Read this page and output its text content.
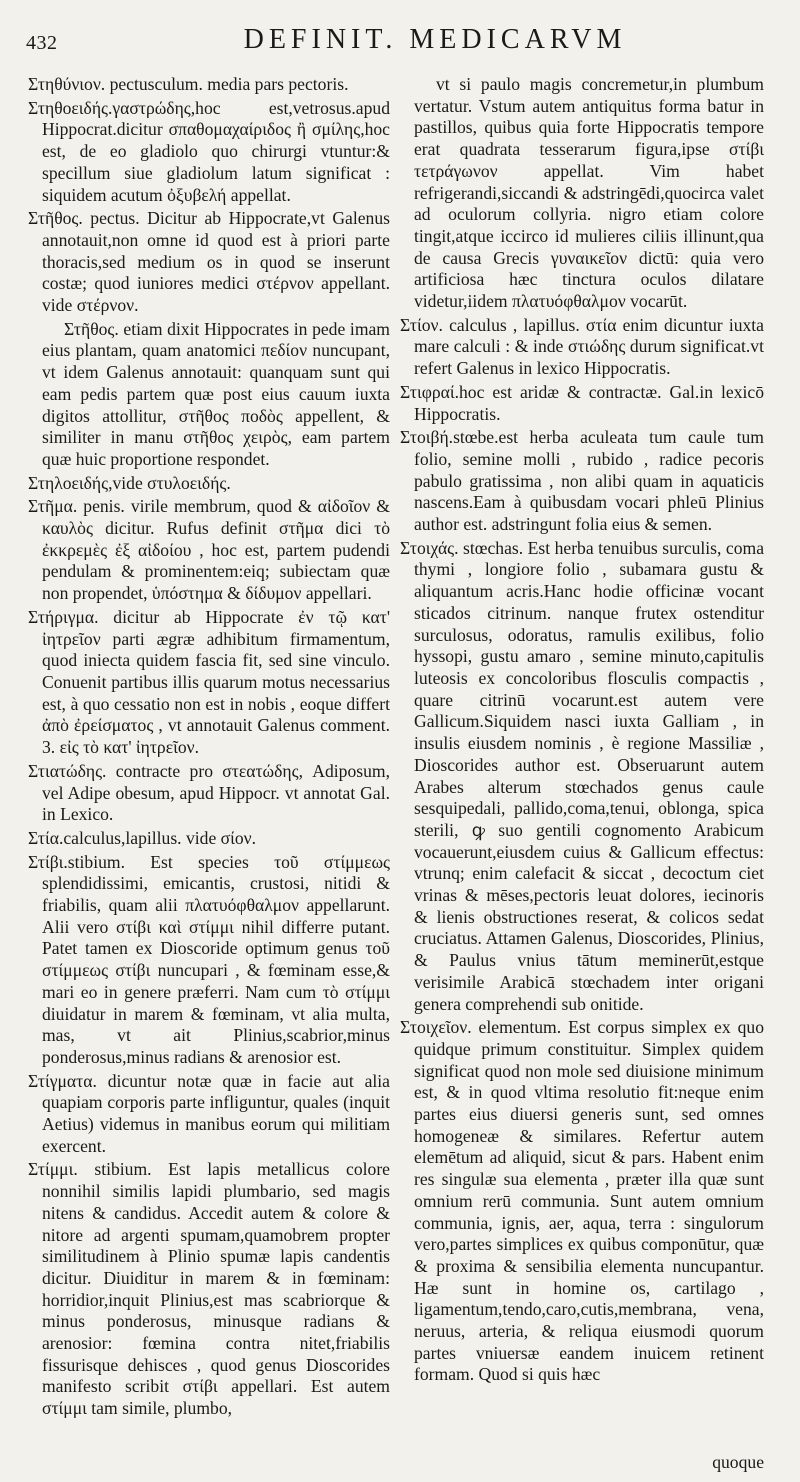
432	DEFINIT. MEDICARVM

Στηθύνιον. pectusculum. media pars pectoris.

Στηθοειδής.γαστρώδης,hoc est,vetrosus.apud Hippocrat.dicitur σπαθομαχαίριδος ἢ σμίλης,hoc est, de eo gladiolo quo chirurgi vtuntur:& specillum siue gladiolum latum significat : siquidem acutum ὀξυβελή appellat.

Στῆθος. pectus. Dicitur ab Hippocrate,vt Galenus annotauit,non omne id quod est à priori parte thoracis,sed medium os in quod se inserunt costæ; quod iuniores medici στέρνον appellant. vide στέρνον.

Στῆθος. etiam dixit Hippocrates in pede imam eius plantam, quam anatomici πεδίον nuncupant, vt idem Galenus annotauit: quanquam sunt qui eam pedis partem quæ post eius cauum iuxta digitos attollitur, στῆθος ποδὸς appellent, & similiter in manu στῆθος χειρὸς, eam partem quæ huic proportione respondet.

Στηλοειδής,vide στυλοειδής.

Στῆμα. penis. virile membrum, quod & αἰδοῖον & καυλὸς dicitur. Rufus definit στῆμα dici τὸ ἐκκρεμὲς ἐξ αἰδοίου , hoc est, partem pudendi pendulam & prominentem:eiq; subiectam quæ non propendet, ὑπόστημα & δίδυμον appellari.

Στήριγμα. dicitur ab Hippocrate ἐν τῷ κατ' ἰητρεῖον parti ægræ adhibitum firmamentum, quod iniecta quidem fascia fit, sed sine vinculo. Conuenit partibus illis quarum motus necessarius est, à quo cessatio non est in nobis , eoque differt ἀπὸ ἐρείσματος , vt annotauit Galenus comment. 3. εἰς τὸ κατ' ἰητρεῖον.

Στιατώδης. contracte pro στεατώδης, Adiposum, vel Adipe obesum, apud Hippocr. vt annotat Gal. in Lexico.

Στία.calculus,lapillus. vide σίον.

Στίβι.stibium. Est species τοῦ στίμμεως splendidissimi, emicantis, crustosi, nitidi & friabilis, quam alii πλατυόφθαλμον appellarunt. Alii vero στίβι καὶ στίμμι nihil differre putant. Patet tamen ex Dioscoride optimum genus τοῦ στίμμεως στίβι nuncupari , & fœminam esse,& mari eo in genere præferri. Nam cum τὸ στίμμι diuidatur in marem & fœminam, vt alia multa, mas, vt ait Plinius,scabrior,minus ponderosus,minus radians & arenosior est.

Στίγματα. dicuntur notæ quæ in facie aut alia quapiam corporis parte infliguntur, quales (inquit Aetius) videmus in manibus eorum qui militiam exercent.

Στίμμι. stibium. Est lapis metallicus colore nonnihil similis lapidi plumbario, sed magis nitens & candidus. Accedit autem & colore & nitore ad argenti spumam,quamobrem propter similitudinem à Plinio spumæ lapis candentis dicitur. Diuiditur in marem & in fœminam: horridior,inquit Plinius,est mas scabriorque & minus ponderosus, minusque radians & arenosior: fœmina contra nitet,friabilis fissurisque dehisces , quod genus Dioscorides manifesto scribit στίβι appellari. Est autem στίμμι tam simile, plumbo,

vt si paulo magis concremetur,in plumbum vertatur. Vstum autem antiquitus forma batur in pastillos, quibus quia forte Hippocratis tempore erat quadrata tesserarum figura,ipse στίβι τετράγωνον appellat. Vim habet refrigerandi,siccandi & adstringēdi,quocirca valet ad oculorum collyria. nigro etiam colore tingit,atque iccirco id mulieres ciliis illinunt,qua de causa Grecis γυναικεῖον dictū: quia vero artificiosa hæc tinctura oculos dilatare videtur,iidem πλατυόφθαλμον vocarūt.

Στίον. calculus , lapillus. στία enim dicuntur iuxta mare calculi : & inde στιώδης durum significat.vt refert Galenus in lexico Hippocratis.

Στιφραί.hoc est aridæ & contractæ. Gal.in lexicō Hippocratis.

Στοιβή.stœbe.est herba aculeata tum caule tum folio, semine molli , rubido , radice pecoris pabulo gratissima , non alibi quam in aquaticis nascens.Eam à quibusdam vocari phleū Plinius author est. adstringunt folia eius & semen.

Στοιχάς. stœchas. Est herba tenuibus surculis, coma thymi , longiore folio , subamara gustu & aliquantum acris.Hanc hodie officinæ vocant sticados citrinum. nanque frutex ostenditur surculosus, odoratus, ramulis exilibus, folio hyssopi, gustu amaro , semine minuto,capitulis luteosis ex concoloribus flosculis compactis , quare citrinū vocarunt.est autem vere Gallicum.Siquidem nasci iuxta Galliam , in insulis eiusdem nominis , è regione Massiliæ , Dioscorides author est. Obseruarunt autem Arabes alterum stœchados genus caule sesquipedali, pallido,coma,tenui, oblonga, spica sterili, ꝙ suo gentili cognomento Arabicum vocauerunt,eiusdem cuius & Gallicum effectus: vtrunq; enim calefacit & siccat , decoctum ciet vrinas & mēses,pectoris leuat dolores, iecinoris & lienis obstructiones reserat, & colicos sedat cruciatus. Attamen Galenus, Dioscorides, Plinius, & Paulus vnius tātum meminerūt,estque verisimile Arabicā stœchadem inter origani genera comprehendi sub onitide.

Στοιχεῖον. elementum. Est corpus simplex ex quo quidque primum constituitur. Simplex quidem significat quod non mole sed diuisione minimum est, & in quod vltima resolutio fit:neque enim partes eius diuersi generis sunt, sed omnes homogeneæ & similares. Refertur autem elemētum ad aliquid, sicut & pars. Habent enim res singulæ sua elementa , præter illa quæ sunt omnium rerū communia. Sunt autem omnium communia, ignis, aer, aqua, terra : singulorum vero,partes simplices ex quibus componūtur, quæ & proxima & sensibilia elementa nuncupantur. Hæ sunt in homine os, cartilago , ligamentum,tendo,caro,cutis,membrana, vena, neruus, arteria, & reliqua eiusmodi quorum partes vniuersæ eandem inuicem retinent formam. Quod si quis hæc

quoque
